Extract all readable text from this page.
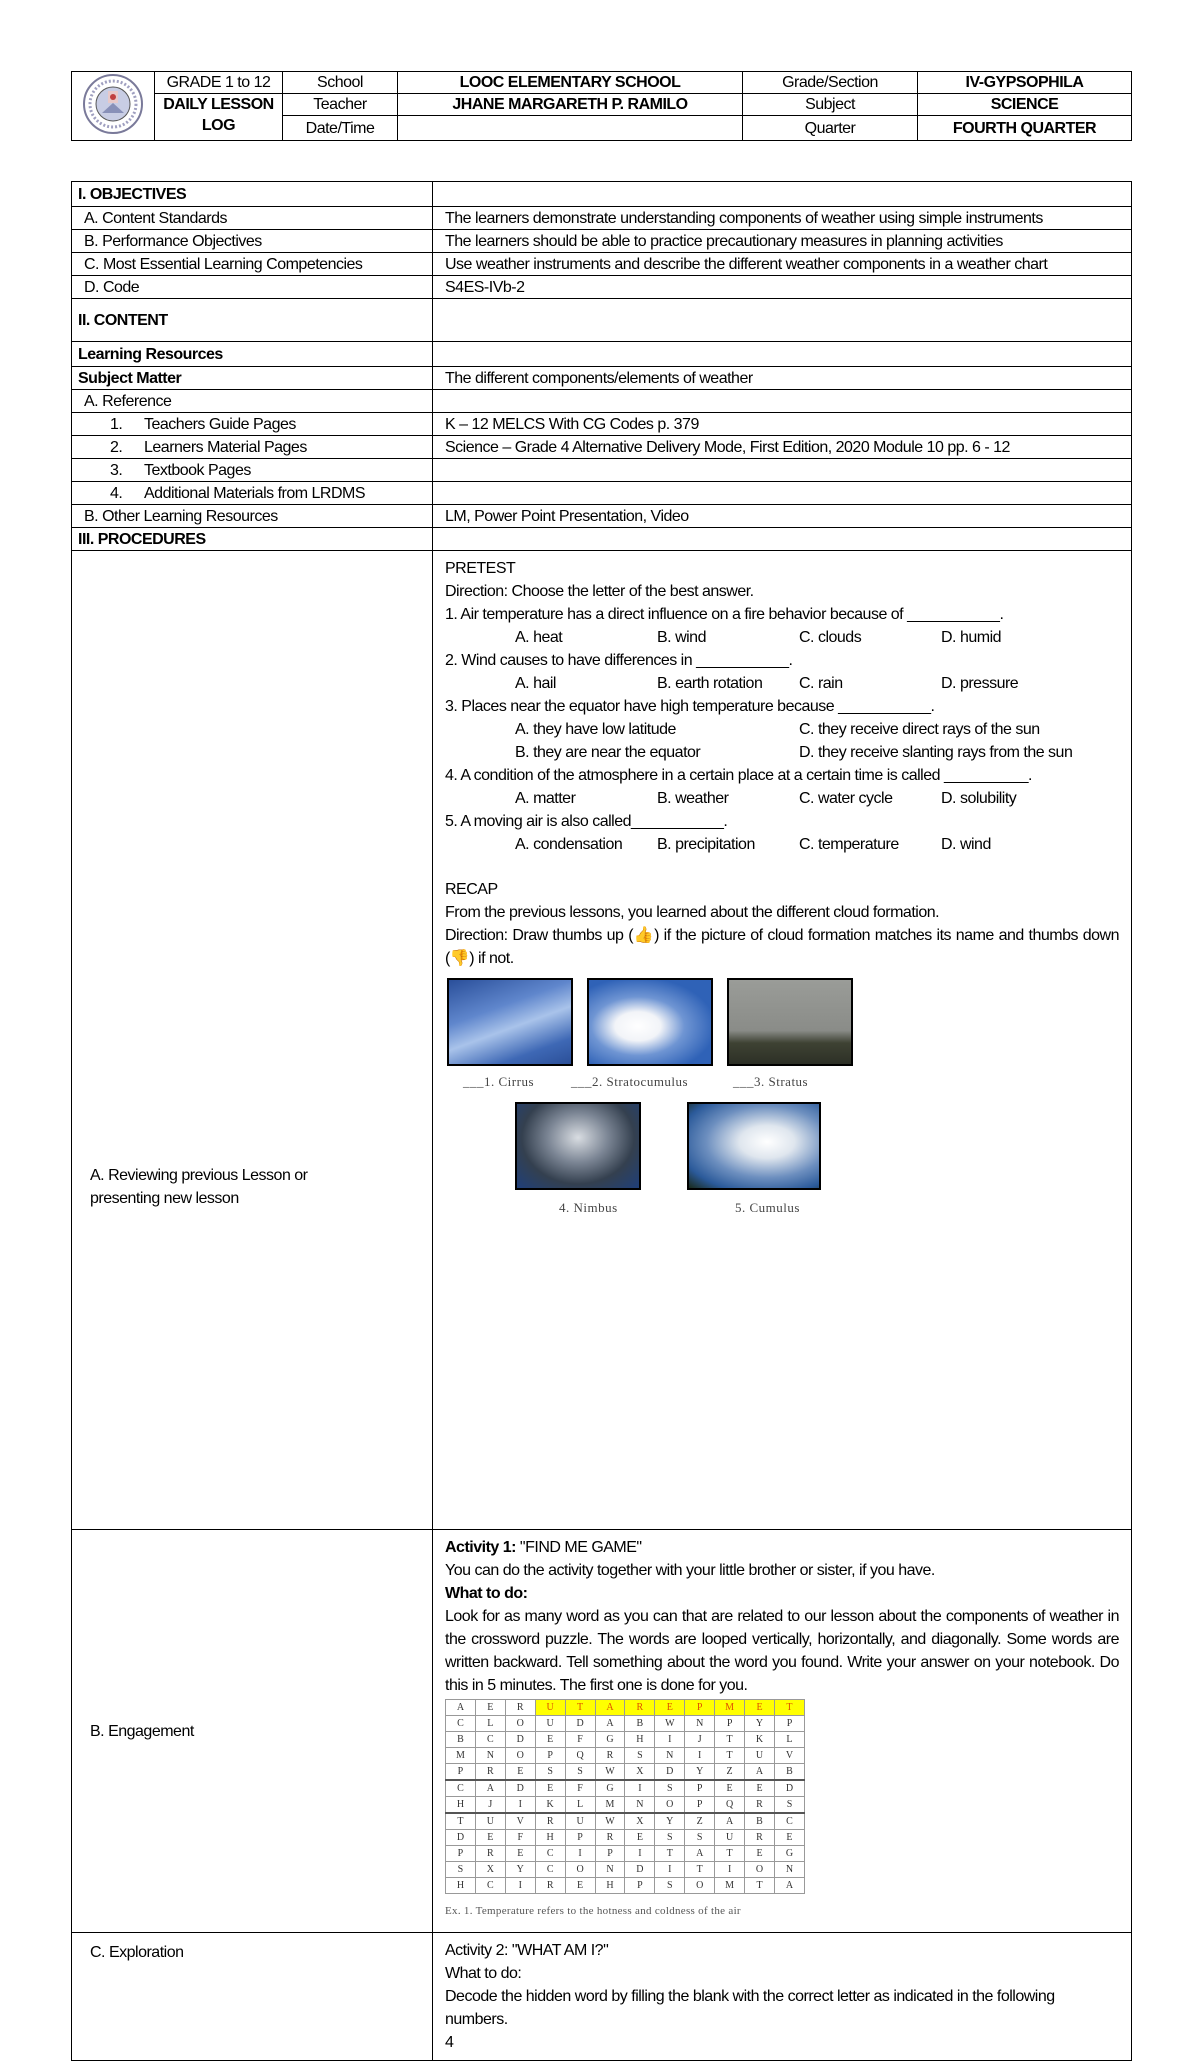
	GRADE 1 to 12	School	LOOC ELEMENTARY SCHOOL	Grade/Section	IV-GYPSOPHILA

	DAILY LESSON
LOG	Teacher	JHANE MARGARETH P. RAMILO	Subject	SCIENCE
		Date/Time		Quarter	FOURTH QUARTER
I. OBJECTIVES	
A. Content Standards	The learners demonstrate understanding components of weather using simple instruments
B. Performance Objectives	The learners should be able to practice precautionary measures in planning activities
C. Most Essential Learning Competencies	Use weather instruments and describe the different weather components in a weather chart
D. Code	S4ES-IVb-2
II. CONTENT	
Learning Resources	
Subject Matter	The different components/elements of weather
A. Reference	
1. Teachers Guide Pages	K – 12 MELCS With CG Codes p. 379
2. Learners Material Pages	Science – Grade 4 Alternative Delivery Mode, First Edition, 2020 Module 10 pp. 6 - 12
3. Textbook Pages	
4. Additional Materials from LRDMS	
B. Other Learning Resources	LM, Power Point Presentation, Video
III. PROCEDURES	
A. Reviewing previous Lesson or presenting new lesson

PRETEST
Direction: Choose the letter of the best answer.
1. Air temperature has a direct influence on a fire behavior because of ___________.
A. heat	B. wind	C. clouds	D. humid
2. Wind causes to have differences in ___________.
A. hail	B. earth rotation	C. rain	D. pressure
3. Places near the equator have high temperature because ___________.
A. they have low latitude	C. they receive direct rays of the sun
B. they are near the equator	D. they receive slanting rays from the sun
4. A condition of the atmosphere in a certain place at a certain time is called __________.
A. matter	B. weather	C. water cycle	D. solubility
5. A moving air is also called___________.
A. condensation	B. precipitation	C. temperature	D. wind
RECAP
From the previous lessons, you learned about the different cloud formation.
Direction: Draw thumbs up (👍) if the picture of cloud formation matches its name and thumbs down (👎) if not.
___1. Cirrus	___2. Stratocumulus	___3. Stratus
4. Nimbus	5. Cumulus

B. Engagement	
Activity 1: "FIND ME GAME"
You can do the activity together with your little brother or sister, if you have.
What to do:
Look for as many word as you can that are related to our lesson about the components of weather in the crossword puzzle. The words are looped vertically, horizontally, and diagonally. Some words are written backward. Tell something about the word you found. Write your answer on your notebook. Do this in 5 minutes. The first one is done for you.
A	E	R	U	T	A	R	E	P	M	E	T
C	L	O	U	D	A	B	W	N	P	Y	P
B	C	D	E	F	G	H	I	J	T	K	L
M	N	O	P	Q	R	S	N	I	T	U	V
P	R	E	S	S	W	X	D	Y	Z	A	B
C	A	D	E	F	G	I	S	P	E	E	D
H	J	I	K	L	M	N	O	P	Q	R	S
T	U	V	R	U	W	X	Y	Z	A	B	C
D	E	F	H	P	R	E	S	S	U	R	E
P	R	E	C	I	P	I	T	A	T	E	G
S	X	Y	C	O	N	D	I	T	I	O	N
H	C	I	R	E	H	P	S	O	M	T	A
Ex. 1. Temperature refers to the hotness and coldness of the air

C. Exploration	Activity 2: "WHAT AM I?"
What to do:
Decode the hidden word by filling the blank with the correct letter as indicated in the following numbers.
4
